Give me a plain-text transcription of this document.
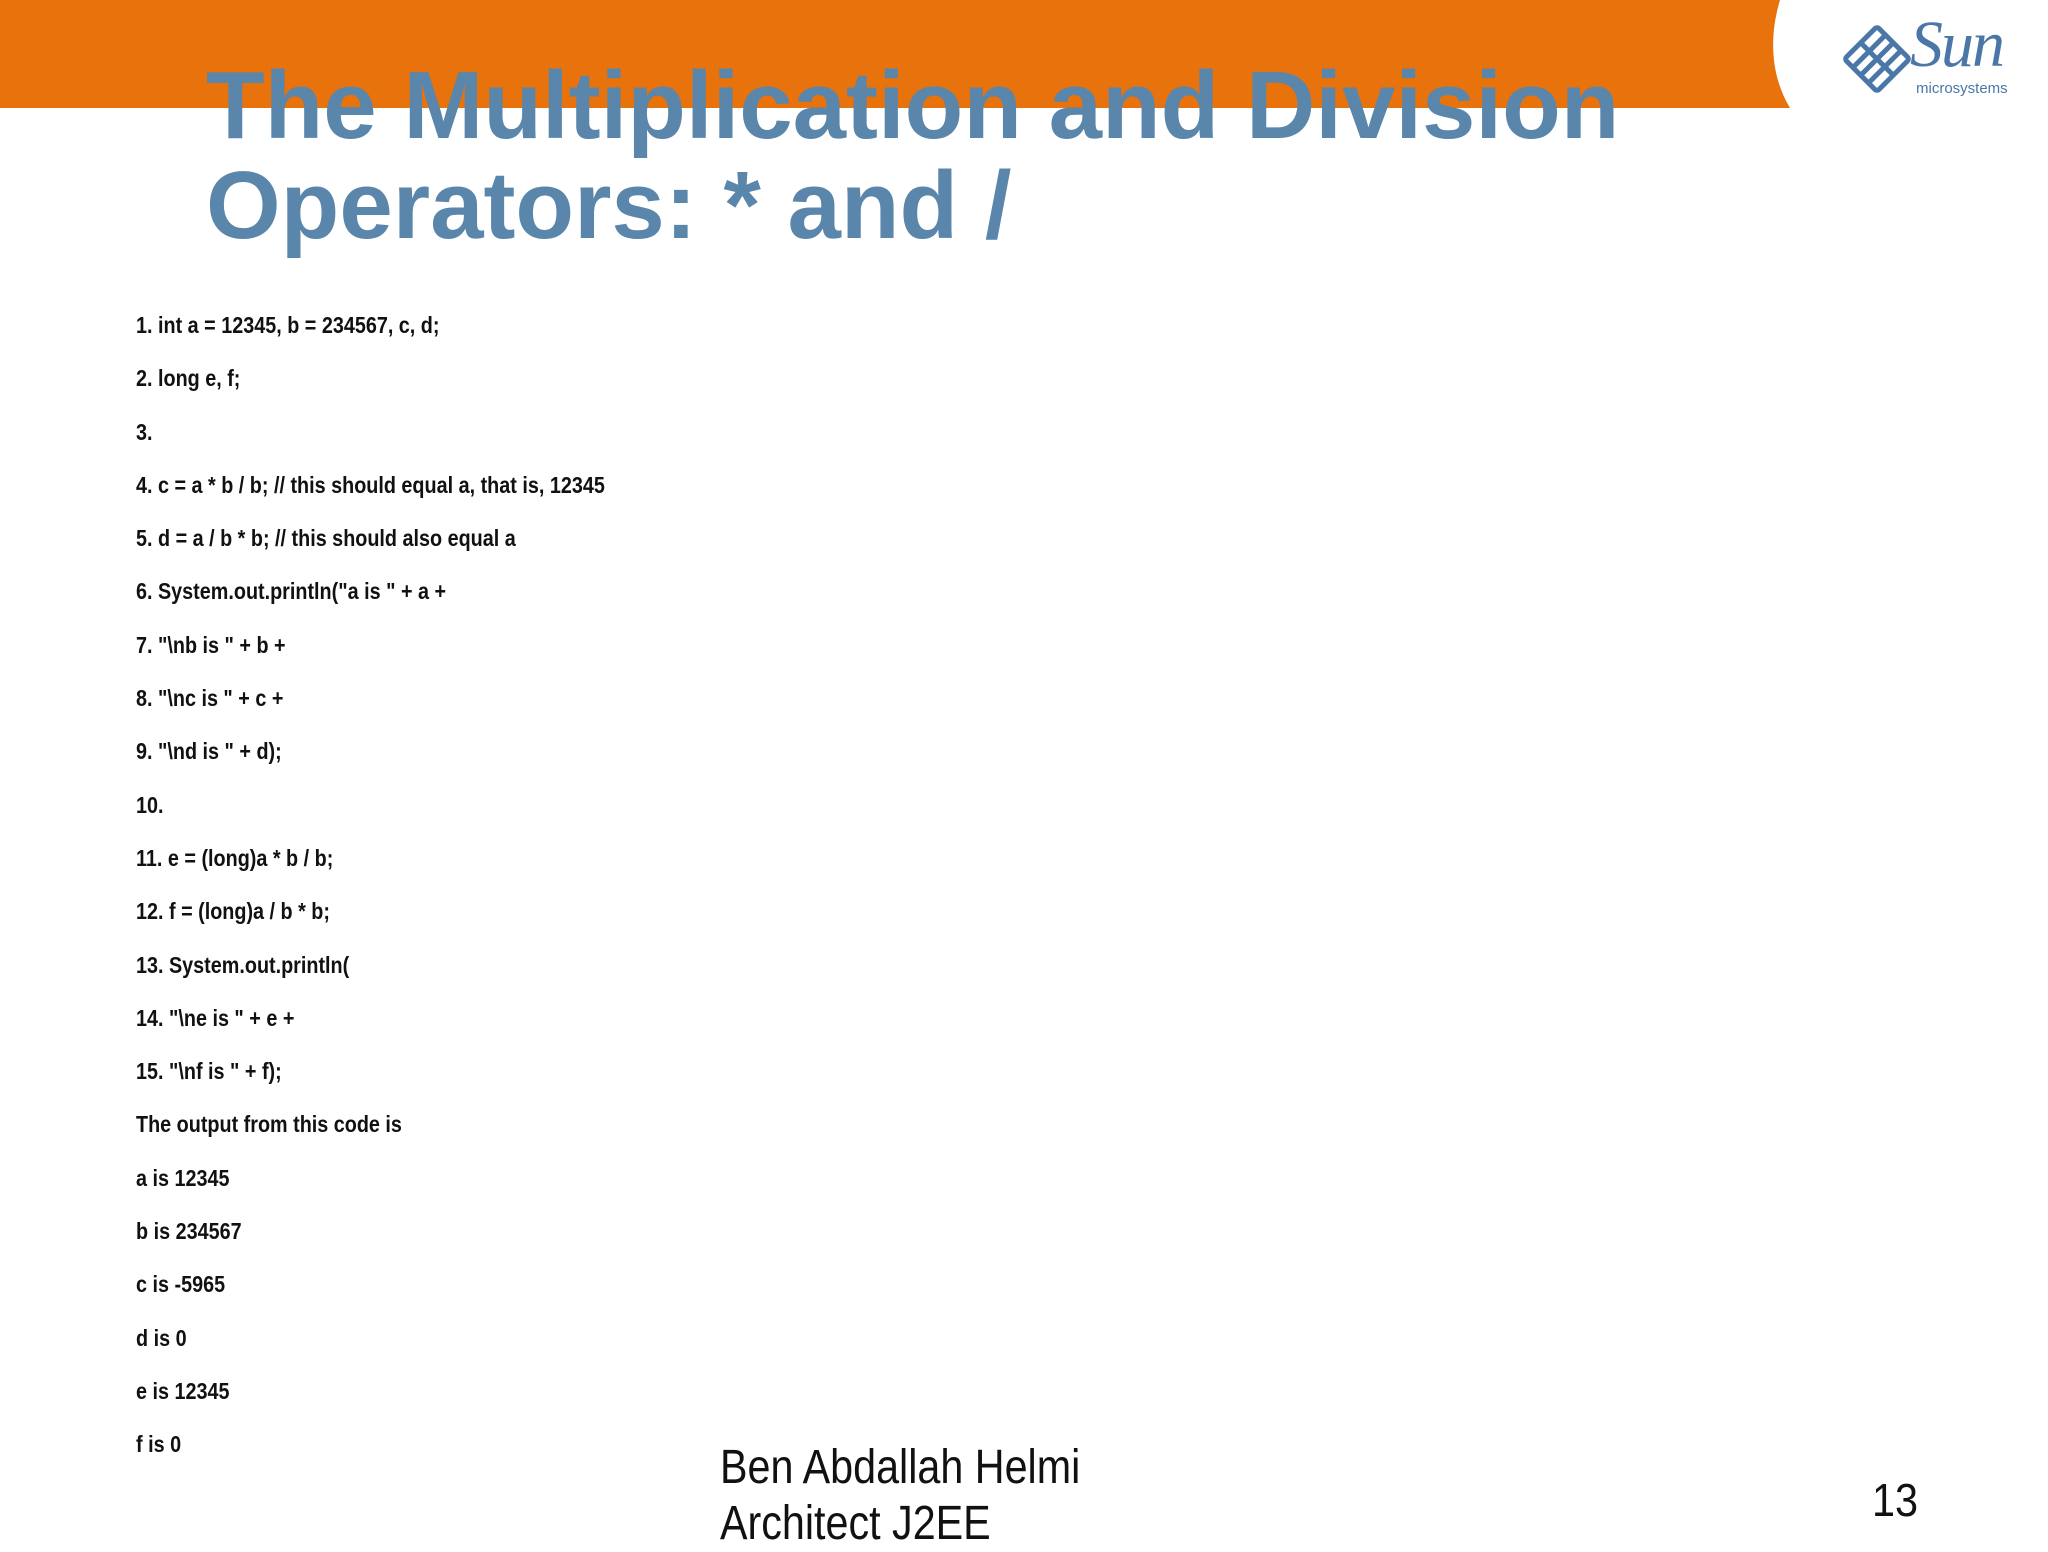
Sun
microsystems
The Multiplication and Division
Operators: * and /
1. int a = 12345, b = 234567, c, d;
2. long e, f;
3.
4. c = a * b / b; // this should equal a, that is, 12345
5. d = a / b * b; // this should also equal a
6. System.out.println("a is " + a +
7. "\nb is " + b +
8. "\nc is " + c +
9. "\nd is " + d);
10.
11. e = (long)a * b / b;
12. f = (long)a / b * b;
13. System.out.println(
14. "\ne is " + e +
15. "\nf is " + f);
The output from this code is
a is 12345
b is 234567
c is -5965
d is 0
e is 12345
f is 0	Ben Abdallah Helmi Architect J2EE	13
